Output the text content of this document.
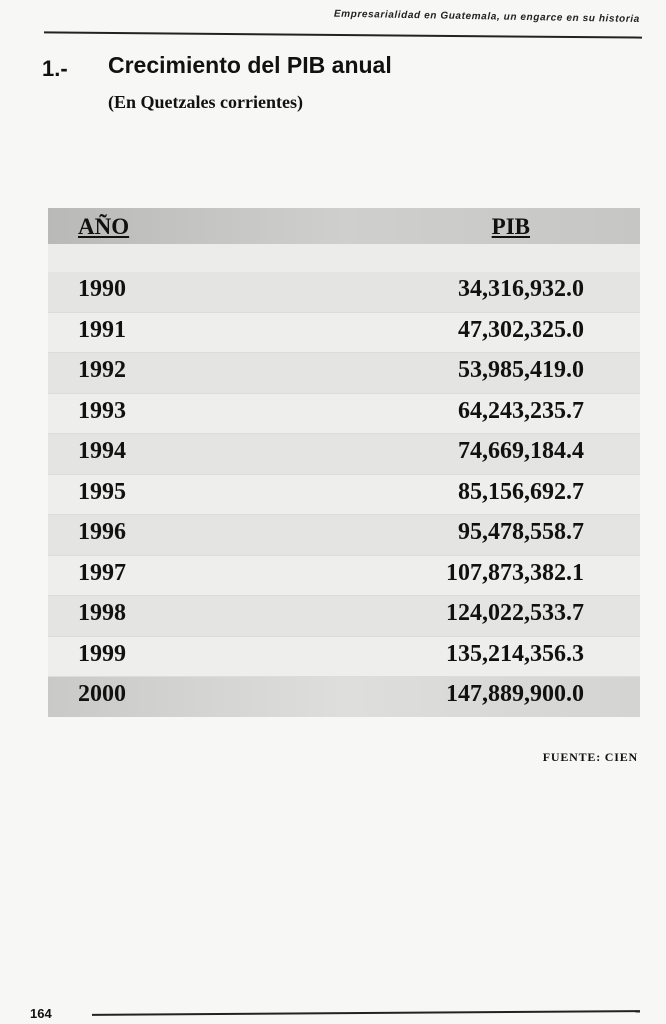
Empresarialidad en Guatemala, un engarce en su historia
1.- Crecimiento del PIB anual
(En Quetzales corrientes)
AÑO	PIB
1990	34,316,932.0
1991	47,302,325.0
1992	53,985,419.0
1993	64,243,235.7
1994	74,669,184.4
1995	85,156,692.7
1996	95,478,558.7
1997	107,873,382.1
1998	124,022,533.7
1999	135,214,356.3
2000	147,889,900.0
FUENTE: CIEN
164
